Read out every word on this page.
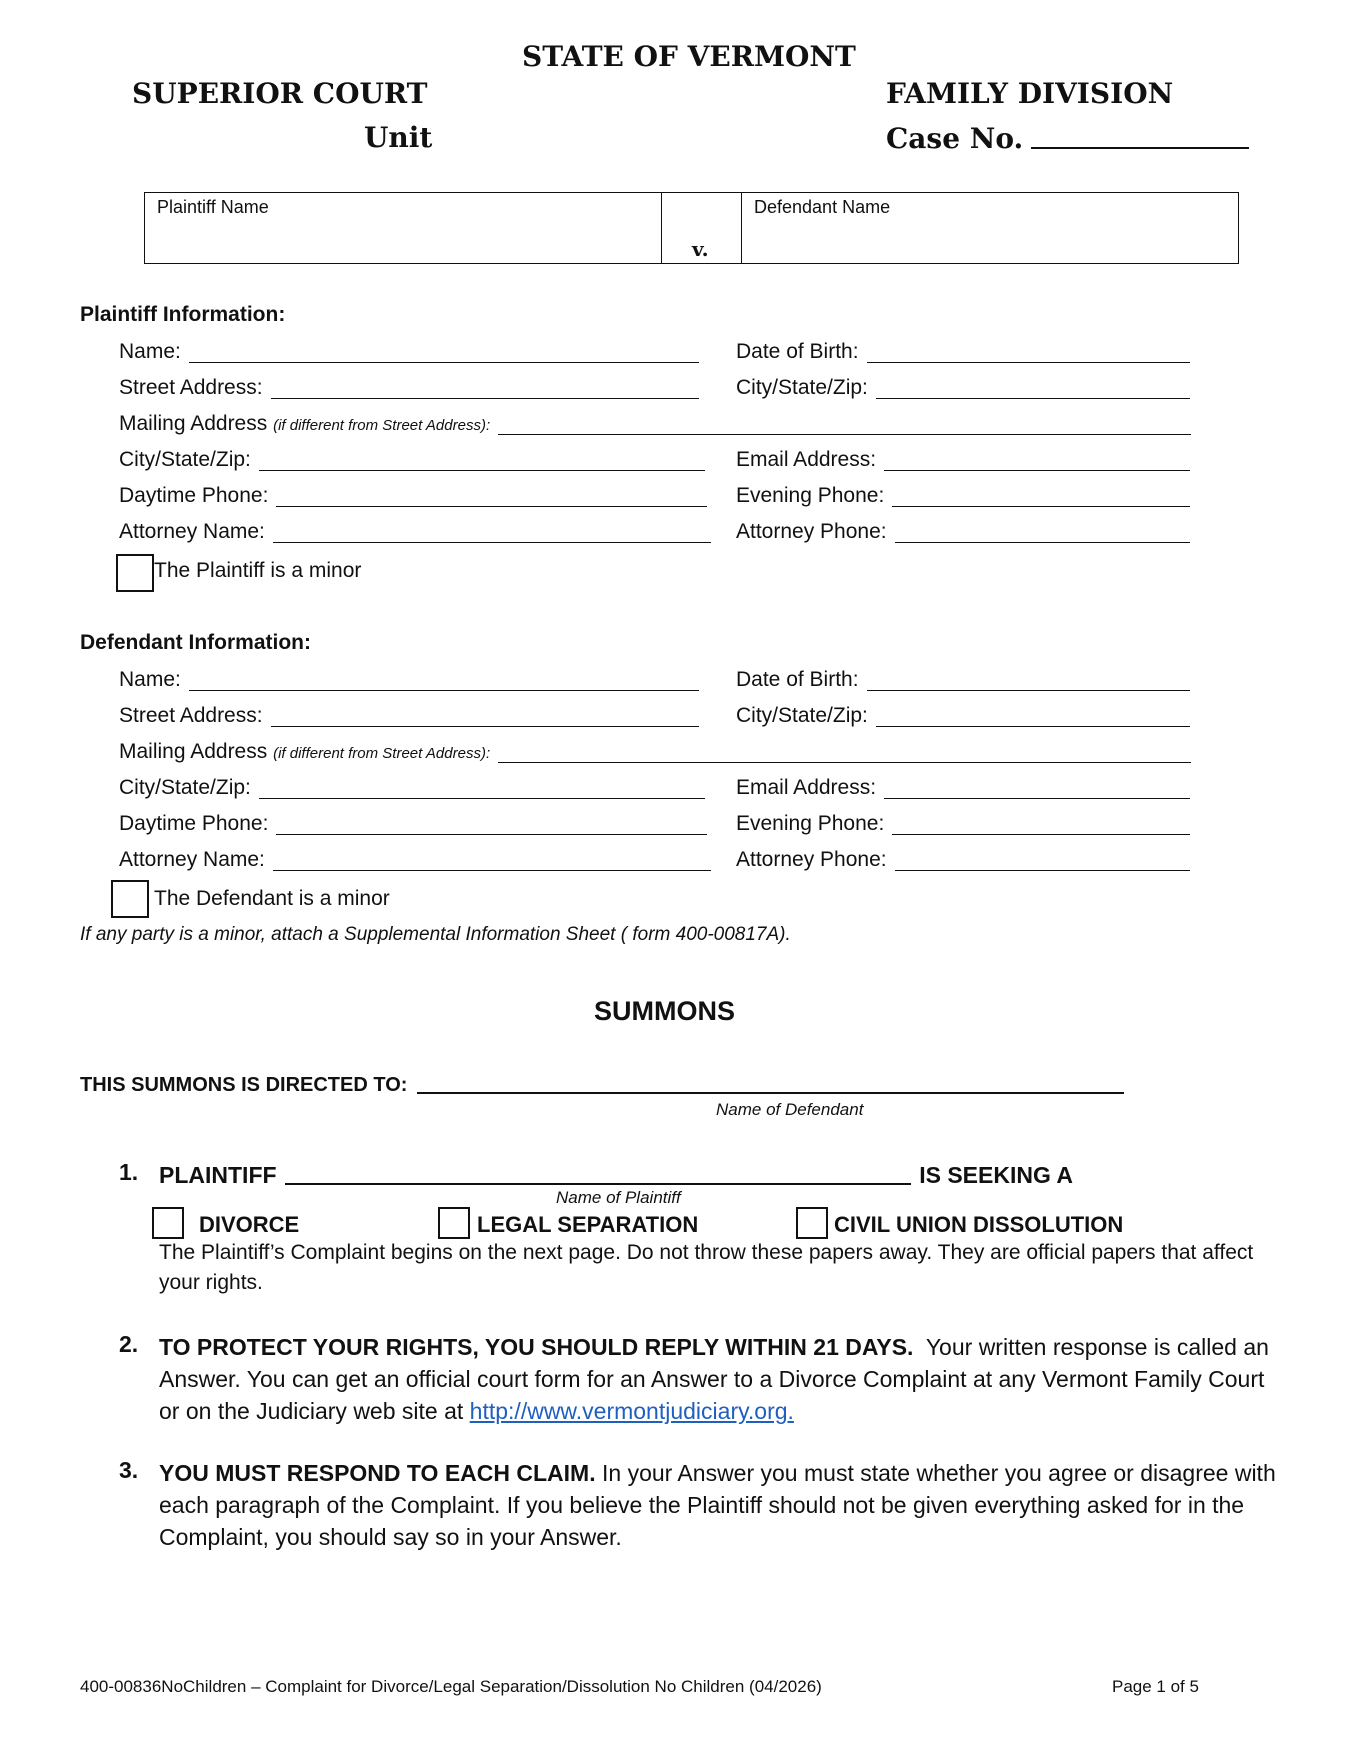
STATE OF VERMONT
SUPERIOR COURT	FAMILY DIVISION
Unit	Case No.
Plaintiff Name
v.
Defendant Name
Plaintiff Information:
Name:	Date of Birth:
Street Address:	City/State/Zip:
Mailing Address (if different from Street Address):
City/State/Zip:	Email Address:
Daytime Phone:	Evening Phone:
Attorney Name:	Attorney Phone:
The Plaintiff is a minor
Defendant Information:
Name:	Date of Birth:
Street Address:	City/State/Zip:
Mailing Address (if different from Street Address):
City/State/Zip:	Email Address:
Daytime Phone:	Evening Phone:
Attorney Name:	Attorney Phone:
The Defendant is a minor
If any party is a minor, attach a Supplemental Information Sheet ( form 400-00817A).
SUMMONS
THIS SUMMONS IS DIRECTED TO:
Name of Defendant
1. PLAINTIFF	IS SEEKING A
Name of Plaintiff
DIVORCE	LEGAL SEPARATION	CIVIL UNION DISSOLUTION
The Plaintiff’s Complaint begins on the next page. Do not throw these papers away. They are official papers that affect your rights.
2. TO PROTECT YOUR RIGHTS, YOU SHOULD REPLY WITHIN 21 DAYS. Your written response is called an Answer. You can get an official court form for an Answer to a Divorce Complaint at any Vermont Family Court or on the Judiciary web site at http://www.vermontjudiciary.org.
3. YOU MUST RESPOND TO EACH CLAIM. In your Answer you must state whether you agree or disagree with each paragraph of the Complaint. If you believe the Plaintiff should not be given everything asked for in the Complaint, you should say so in your Answer.
400-00836NoChildren – Complaint for Divorce/Legal Separation/Dissolution No Children (04/2026)	Page 1 of 5
